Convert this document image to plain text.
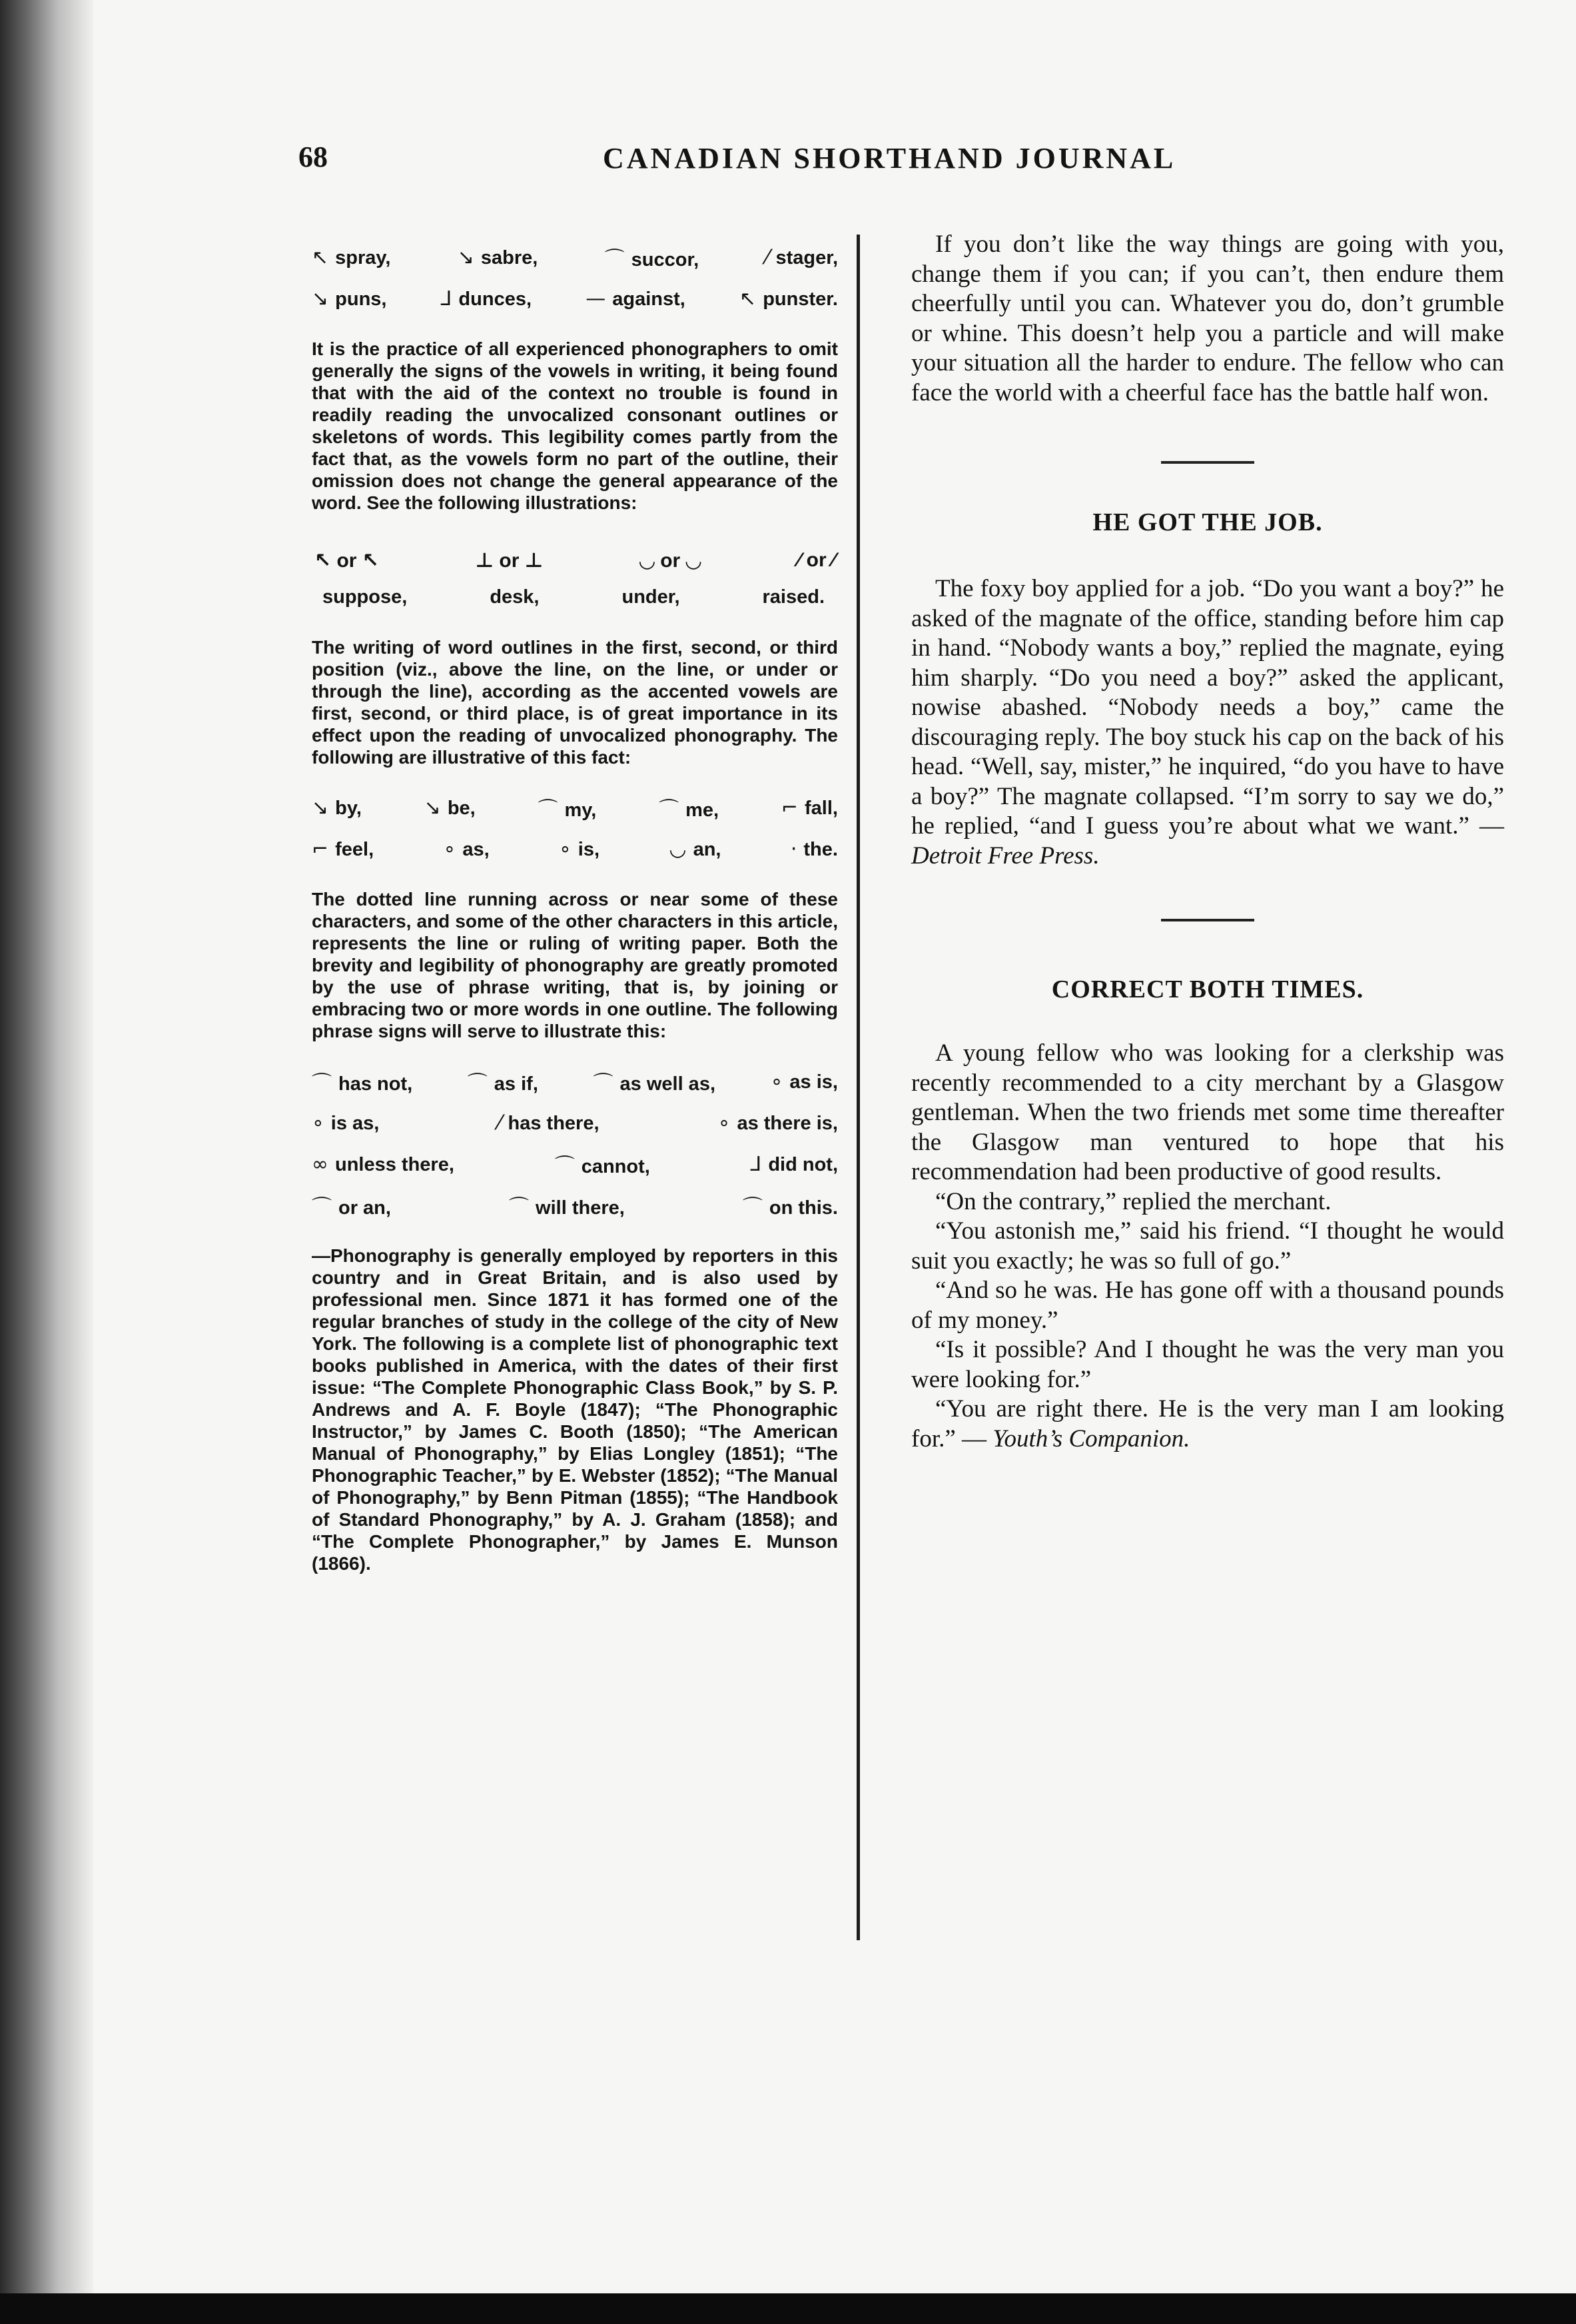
68	CANADIAN SHORTHAND JOURNAL
↖ spray,	↘ sabre,	⌒ succor,	⁄ stager,
↘ puns,	⅃ dunces,	— against,	↖ punster.

It is the practice of all experienced phonographers to omit generally the signs of the vowels in writing, it being found that with the aid of the context no trouble is found in readily reading the unvocalized consonant outlines or skeletons of words. This legibility comes partly from the fact that, as the vowels form no part of the outline, their omission does not change the general appearance of the word. See the following illustrations:

↖ or ↖	⊥ or ⊥	◡ or ◡	⁄ or ⁄
suppose,	desk,	under,	raised.

The writing of word outlines in the first, second, or third position (viz., above the line, on the line, or under or through the line), according as the accented vowels are first, second, or third place, is of great importance in its effect upon the reading of unvocalized phonography. The following are illustrative of this fact:

↘ by,	↘ be,	⌒ my,	⌒ me,	⌐ fall,
⌐ feel,	∘ as,	∘ is,	◡ an,	· the.

The dotted line running across or near some of these characters, and some of the other characters in this article, represents the line or ruling of writing paper. Both the brevity and legibility of phonography are greatly promoted by the use of phrase writing, that is, by joining or embracing two or more words in one outline. The following phrase signs will serve to illustrate this:

⌒ has not,	⌒ as if,	⌒ as well as,	∘ as is,
∘ is as,	⁄ has there,	∘ as there is,
∞ unless there,	⌒ cannot,	⅃ did not,
⌒ or an,	⌒ will there,	⌒ on this.

—Phonography is generally employed by reporters in this country and in Great Britain, and is also used by professional men. Since 1871 it has formed one of the regular branches of study in the college of the city of New York. The following is a complete list of phonographic text books published in America, with the dates of their first issue: “The Complete Phonographic Class Book,” by S. P. Andrews and A. F. Boyle (1847); “The Phonographic Instructor,” by James C. Booth (1850); “The American Manual of Phonography,” by Elias Longley (1851); “The Phonographic Teacher,” by E. Webster (1852); “The Manual of Phonography,” by Benn Pitman (1855); “The Handbook of Standard Phonography,” by A. J. Graham (1858); and “The Complete Phonographer,” by James E. Munson (1866).

If you don’t like the way things are going with you, change them if you can; if you can’t, then endure them cheerfully until you can. Whatever you do, don’t grumble or whine. This doesn’t help you a particle and will make your situation all the harder to endure. The fellow who can face the world with a cheerful face has the battle half won.

HE GOT THE JOB.

The foxy boy applied for a job. “Do you want a boy?” he asked of the magnate of the office, standing before him cap in hand. “Nobody wants a boy,” replied the magnate, eying him sharply. “Do you need a boy?” asked the applicant, nowise abashed. “Nobody needs a boy,” came the discouraging reply. The boy stuck his cap on the back of his head. “Well, say, mister,” he inquired, “do you have to have a boy?” The magnate collapsed. “I’m sorry to say we do,” he replied, “and I guess you’re about what we want.” — Detroit Free Press.

CORRECT BOTH TIMES.

A young fellow who was looking for a clerkship was recently recommended to a city merchant by a Glasgow gentleman. When the two friends met some time thereafter the Glasgow man ventured to hope that his recommendation had been productive of good results.

“On the contrary,” replied the merchant.

“You astonish me,” said his friend. “I thought he would suit you exactly; he was so full of go.”

“And so he was. He has gone off with a thousand pounds of my money.”

“Is it possible? And I thought he was the very man you were looking for.”

“You are right there. He is the very man I am looking for.” — Youth’s Companion.
